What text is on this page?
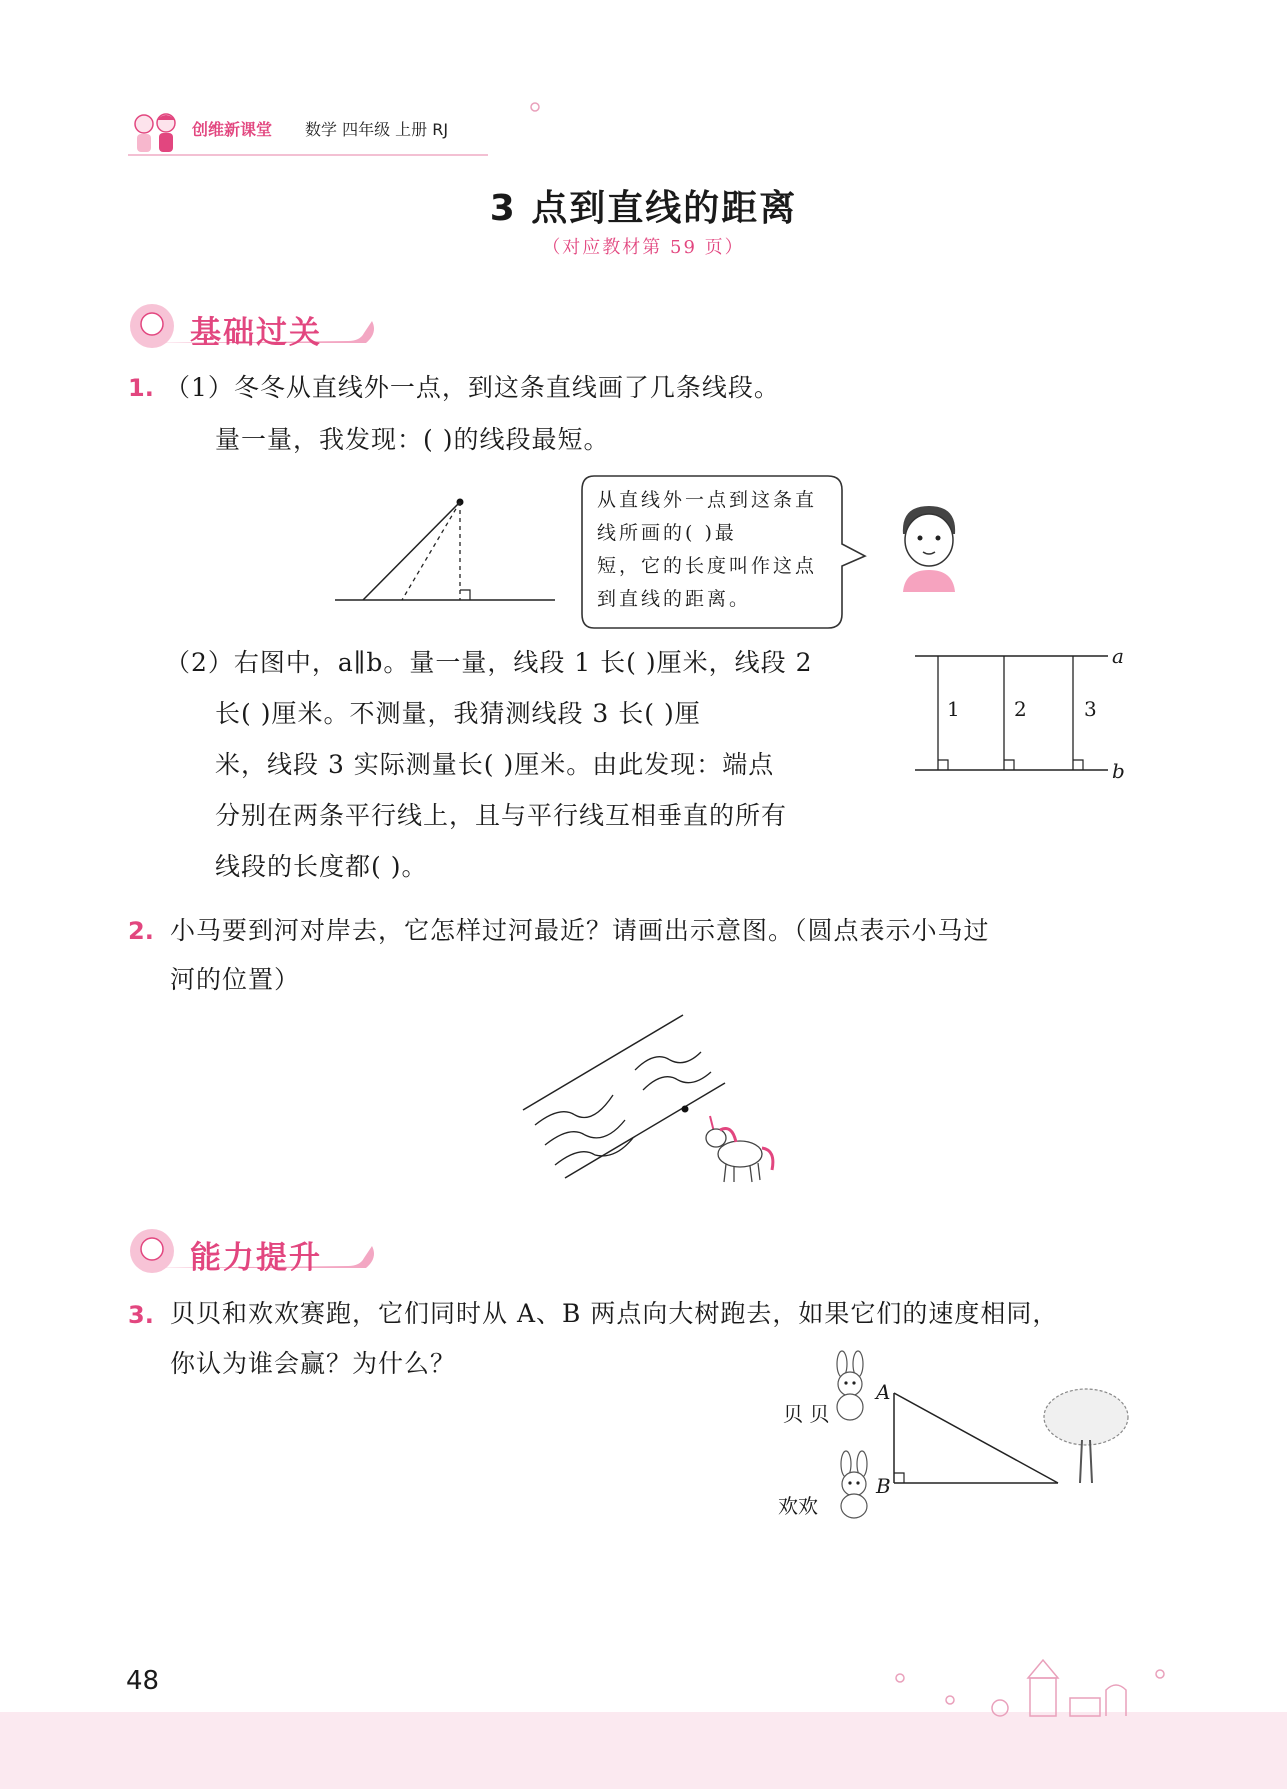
创维新课堂 数学 四年级 上册 RJ
3 点到直线的距离
（对应教材第 59 页）
基础过关
1. （1）冬冬从直线外一点，到这条直线画了几条线段。
量一量，我发现：( )的线段最短。
从直线外一点到这条直
线所画的( )最
短，它的长度叫作这点
到直线的距离。
（2）右图中，a∥b。量一量，线段 1 长( )厘米，线段 2
长( )厘米。不测量，我猜测线段 3 长( )厘
米，线段 3 实际测量长( )厘米。由此发现：端点
分别在两条平行线上，且与平行线互相垂直的所有
线段的长度都( )。
a
b
1	2	3
2. 小马要到河对岸去，它怎样过河最近？请画出示意图。（圆点表示小马过
河的位置）
能力提升
3. 贝贝和欢欢赛跑，它们同时从 A、B 两点向大树跑去，如果它们的速度相同，
你认为谁会赢？为什么？
A
B
贝 贝
欢欢
48
